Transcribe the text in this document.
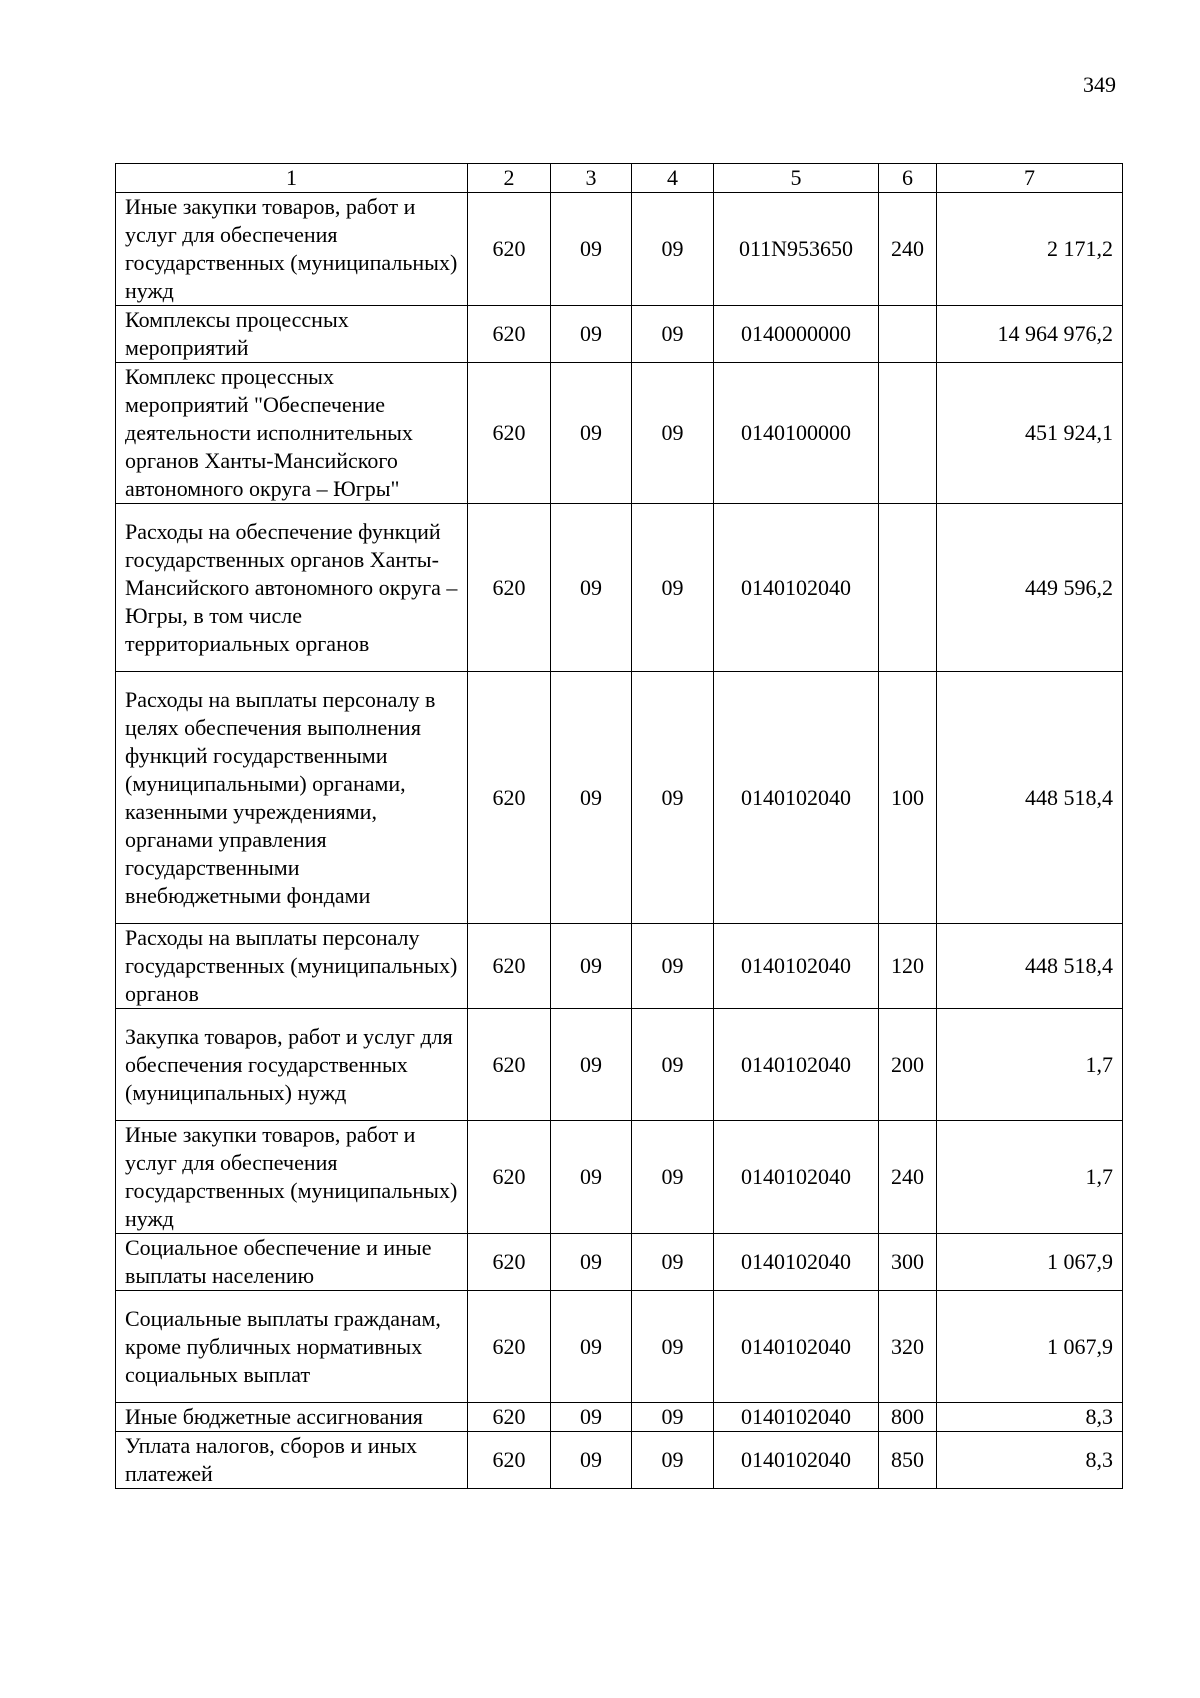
349
1	2	3	4	5	6	7
Иные закупки товаров, работ и услуг для обеспечения государственных (муниципальных) нужд	620	09	09	011N953650	240	2 171,2
Комплексы процессных мероприятий	620	09	09	0140000000		14 964 976,2
Комплекс процессных мероприятий "Обеспечение деятельности исполнительных органов Ханты-Мансийского автономного округа – Югры"	620	09	09	0140100000		451 924,1
Расходы на обеспечение функций государственных органов Ханты-Мансийского автономного округа – Югры, в том числе территориальных органов	620	09	09	0140102040		449 596,2
Расходы на выплаты персоналу в целях обеспечения выполнения функций государственными (муниципальными) органами, казенными учреждениями, органами управления государственными внебюджетными фондами	620	09	09	0140102040	100	448 518,4
Расходы на выплаты персоналу государственных (муниципальных) органов	620	09	09	0140102040	120	448 518,4
Закупка товаров, работ и услуг для обеспечения государственных (муниципальных) нужд	620	09	09	0140102040	200	1,7
Иные закупки товаров, работ и услуг для обеспечения государственных (муниципальных) нужд	620	09	09	0140102040	240	1,7
Социальное обеспечение и иные выплаты населению	620	09	09	0140102040	300	1 067,9
Социальные выплаты гражданам, кроме публичных нормативных социальных выплат	620	09	09	0140102040	320	1 067,9
Иные бюджетные ассигнования	620	09	09	0140102040	800	8,3
Уплата налогов, сборов и иных платежей	620	09	09	0140102040	850	8,3
